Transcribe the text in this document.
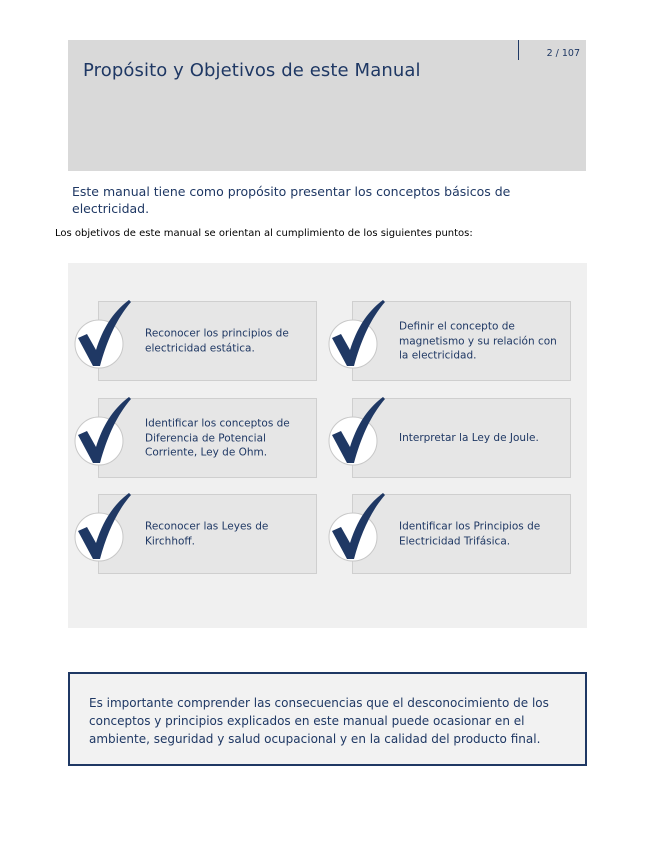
Propósito y Objetivos de este Manual
2 / 107
Este manual tiene como propósito presentar los conceptos básicos de electricidad.
Los objetivos de este manual se orientan al cumplimiento de los siguientes puntos:
Reconocer los principios de electricidad estática.
Definir el concepto de magnetismo y su relación con la electricidad.
Identificar los conceptos de Diferencia de Potencial Corriente, Ley de Ohm.
Interpretar la Ley de Joule.
Reconocer las Leyes de Kirchhoff.
Identificar los Principios de Electricidad Trifásica.
Es importante comprender las consecuencias que el desconocimiento de los conceptos y principios explicados en este manual puede ocasionar en el ambiente, seguridad y salud ocupacional y en la calidad del producto final.
